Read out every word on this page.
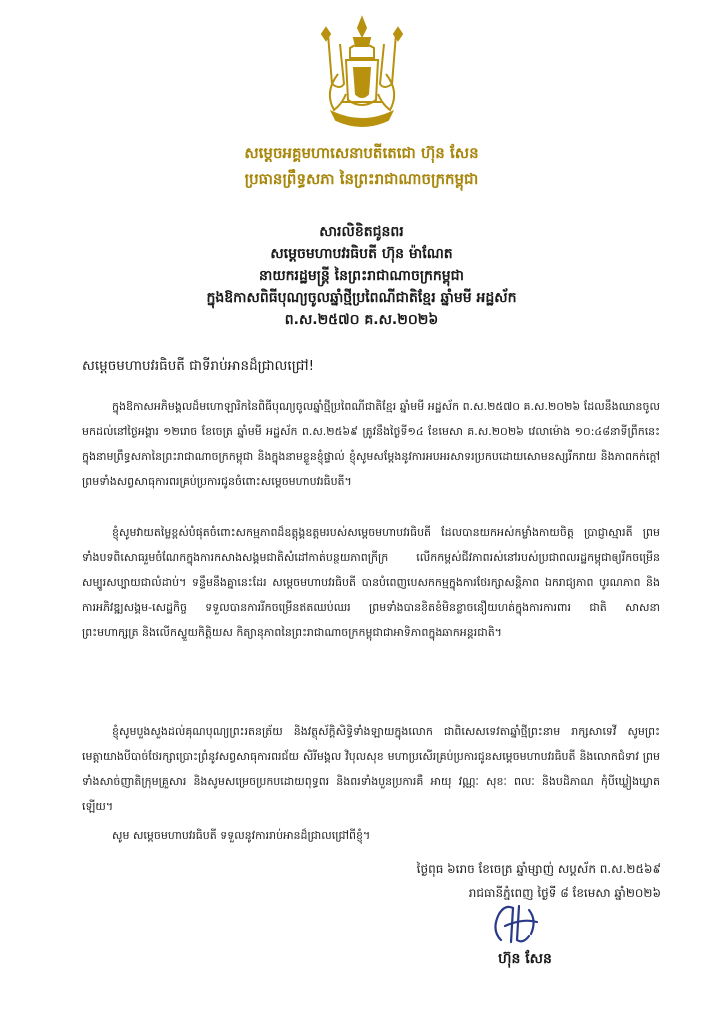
សម្ដេចអគ្គមហាសេនាបតីតេជោ ហ៊ុន សែន
ប្រធានព្រឹទ្ធសភា នៃព្រះរាជាណាចក្រកម្ពុជា
សារលិខិតជូនពរ
សម្ដេចមហាបវរធិបតី ហ៊ុន ម៉ាណែត
នាយករដ្ឋមន្ត្រី នៃព្រះរាជាណាចក្រកម្ពុជា
ក្នុងឱកាសពិធីបុណ្យចូលឆ្នាំថ្មីប្រពៃណីជាតិខ្មែរ ឆ្នាំមមី អដ្ឋស័ក
ព.ស.២៥៧០ គ.ស.២០២៦
សម្ដេចមហាបវរធិបតី ជាទីរាប់អានដ៏ជ្រាលជ្រៅ!

ក្នុងឱកាសអភិមង្គលដ៏មហោឡារិកនៃពិធីបុណ្យចូលឆ្នាំថ្មីប្រពៃណីជាតិខ្មែរ ឆ្នាំមមី អដ្ឋស័ក ព.ស.២៥៧០ គ.ស.២០២៦ ដែលនឹងឈានចូលមកដល់នៅថ្ងៃអង្គារ ១២រោច ខែចេត្រ ឆ្នាំមមី អដ្ឋស័ក ព.ស.២៥៦៩ ត្រូវនឹងថ្ងៃទី១៤ ខែមេសា គ.ស.២០២៦ វេលាម៉ោង ១០:៤៨នាទីព្រឹកនេះ ក្នុងនាមព្រឹទ្ធសភានៃព្រះរាជាណាចក្រកម្ពុជា និងក្នុងនាមខ្លួនខ្ញុំផ្ទាល់ ខ្ញុំសូមសម្ដែងនូវការអបអរសាទរប្រកបដោយសោមនស្សរីករាយ និងភាពកក់ក្ដៅ ព្រមទាំងសព្វសាធុការពរគ្រប់ប្រការជូនចំពោះសម្ដេចមហាបវរធិបតី។

ខ្ញុំសូមវាយតម្លៃខ្ពស់បំផុតចំពោះសកម្មភាពដ៏ឧត្ដុង្គឧត្ដមរបស់សម្ដេចមហាបវរធិបតី ដែលបានយកអស់កម្លាំងកាយចិត្ត ប្រាជ្ញាស្មារតី ព្រមទាំងបទពិសោធរួមចំណែកក្នុងការកសាងសង្គមជាតិសំដៅកាត់បន្ថយភាពក្រីក្រ លើកកម្ពស់ជីវភាពរស់នៅរបស់ប្រជាពលរដ្ឋកម្ពុជាឲ្យរីកចម្រើន សម្បូរសប្បាយជាលំដាប់។ ទន្ទឹមនឹងគ្នានេះដែរ សម្ដេចមហាបវរធិបតី បានបំពេញបេសកកម្មក្នុងការថែរក្សាសន្តិភាព ឯករាជ្យភាព បូរណភាព និងការអភិវឌ្ឍសង្គម-សេដ្ឋកិច្ច ទទួលបានការរីកចម្រើនឥតឈប់ឈរ ព្រមទាំងបានខិតខំមិនខ្លាចនឿយហត់ក្នុងការការពារ ជាតិ សាសនា ព្រះមហាក្សត្រ និងលើកស្ទួយកិត្តិយស កិត្យានុភាពនៃព្រះរាជាណាចក្រកម្ពុជាជាអាទិភាពក្នុងឆាកអន្តរជាតិ។

ខ្ញុំសូមបួងសួងដល់គុណបុណ្យព្រះរតនត្រ័យ និងវត្ថុស័ក្ដិសិទ្ធិទាំងឡាយក្នុងលោក ជាពិសេសទេវតាឆ្នាំថ្មីព្រះនាម រាក្សសាទេវី សូមព្រះមេត្តាយាងបីបាច់ថែរក្សាប្រោះព្រំនូវសព្វសាធុការពរជ័យ សិរីមង្គល វិបុលសុខ មហាប្រសើរគ្រប់ប្រការជូនសម្ដេចមហាបវរធិបតី និងលោកជំទាវ ព្រមទាំងសាច់ញាតិក្រុមគ្រួសារ និងសូមសម្រេចប្រកបដោយពុទ្ធពរ និងពរទាំងបួនប្រការគឺ អាយុ វណ្ណៈ សុខៈ ពលៈ និងបដិភាណ កុំបីឃ្លៀងឃ្លាតឡើយ។

សូម សម្ដេចមហាបវរធិបតី ទទួលនូវការរាប់អានដ៏ជ្រាលជ្រៅពីខ្ញុំ។

ថ្ងៃពុធ ៦រោច ខែចេត្រ ឆ្នាំម្សាញ់ សប្តស័ក ព.ស.២៥៦៩
រាជធានីភ្នំពេញ ថ្ងៃទី ៨ ខែមេសា ឆ្នាំ២០២៦
ហ៊ុន សែន
